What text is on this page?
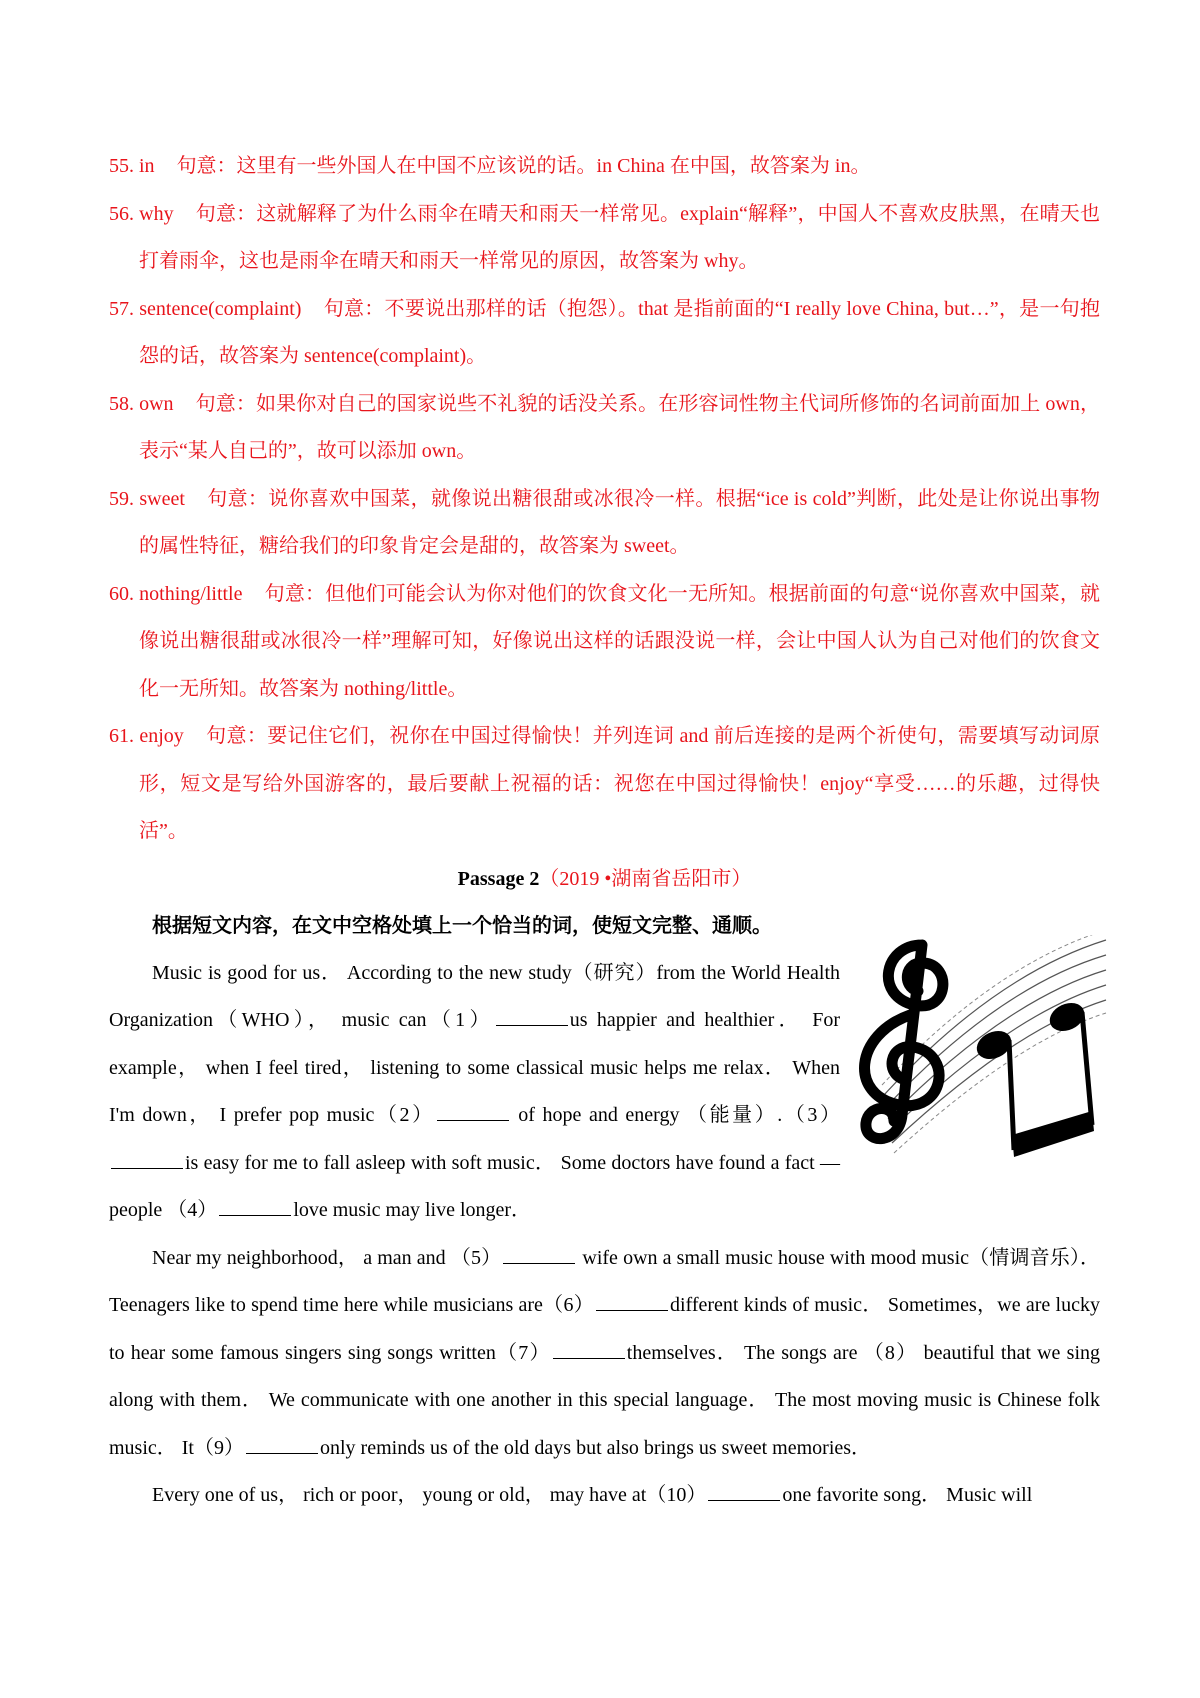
55. in 句意：这里有一些外国人在中国不应该说的话。in China 在中国，故答案为 in。
56. why 句意：这就解释了为什么雨伞在晴天和雨天一样常见。explain“解释”，中国人不喜欢皮肤黑，在晴天也打着雨伞，这也是雨伞在晴天和雨天一样常见的原因，故答案为 why。
57. sentence(complaint) 句意：不要说出那样的话（抱怨）。that 是指前面的“I really love China, but…”，是一句抱怨的话，故答案为 sentence(complaint)。
58. own 句意：如果你对自己的国家说些不礼貌的话没关系。在形容词性物主代词所修饰的名词前面加上 own，表示“某人自己的”，故可以添加 own。
59. sweet 句意：说你喜欢中国菜，就像说出糖很甜或冰很冷一样。根据“ice is cold”判断，此处是让你说出事物的属性特征，糖给我们的印象肯定会是甜的，故答案为 sweet。
60. nothing/little 句意：但他们可能会认为你对他们的饮食文化一无所知。根据前面的句意“说你喜欢中国菜，就像说出糖很甜或冰很冷一样”理解可知，好像说出这样的话跟没说一样，会让中国人认为自己对他们的饮食文化一无所知。故答案为 nothing/little。
61. enjoy 句意：要记住它们，祝你在中国过得愉快！并列连词 and 前后连接的是两个祈使句，需要填写动词原形，短文是写给外国游客的，最后要献上祝福的话：祝您在中国过得愉快！enjoy“享受……的乐趣，过得快活”。
Passage 2（2019 •湖南省岳阳市）
根据短文内容，在文中空格处填上一个恰当的词，使短文完整、通顺。
Music is good for us． According to the new study（研究）from the World Health Organization（WHO）， music can（1）	us happier and healthier． For example， when I feel tired， listening to some classical music helps me relax． When I'm down， I prefer pop music（2）	of hope and energy （能量）.（3）is easy for me to fall asleep with soft music． Some doctors have found a fact — people （4）	love music may live longer．
Near my neighborhood， a man and （5）	wife own a small music house with mood music（情调音乐）．Teenagers like to spend time here while musicians are（6）	different kinds of music． Sometimes，we are lucky to hear some famous singers sing songs written（7）	themselves． The songs are （8） beautiful that we sing along with them． We communicate with one another in this special language． The most moving music is Chinese folk music． It（9）	only reminds us of the old days but also brings us sweet memories．
Every one of us， rich or poor， young or old， may have at（10）	one favorite song． Music will
